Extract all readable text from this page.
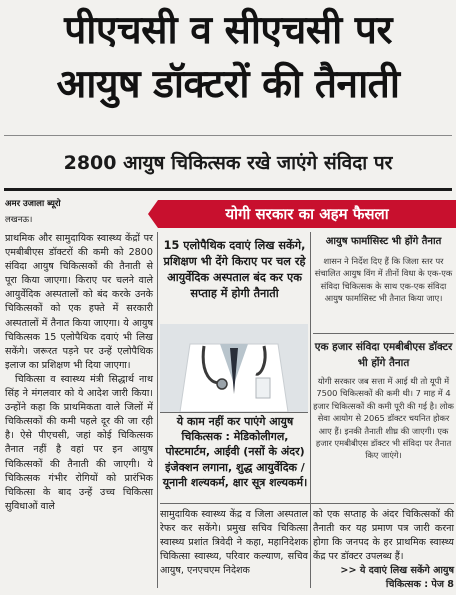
पीएचसी व सीएचसी पर
आयुष डॉक्टरों की तैनाती
2800 आयुष चिकित्सक रखे जाएंगे संविदा पर
अमर उजाला ब्यूरो
लखनऊ।	योगी सरकार का अहम फैसला

प्राथमिक और सामुदायिक स्वास्थ्य केंद्रों पर एमबीबीएस डॉक्टरों की कमी को 2800 संविदा आयुष चिकित्सकों की तैनाती से पूरा किया जाएगा। किराए पर चलने वाले आयुर्वेदिक अस्पतालों को बंद करके उनके चिकित्सकों को एक हफ्ते में सरकारी अस्पतालों में तैनात किया जाएगा। ये आयुष चिकित्सक 15 एलोपैथिक दवाएं भी लिख सकेंगे। जरूरत पड़ने पर उन्हें एलोपैथिक इलाज का प्रशिक्षण भी दिया जाएगा।

चिकित्सा व स्वास्थ्य मंत्री सिद्धार्थ नाथ सिंह ने मंगलवार को ये आदेश जारी किया। उन्होंने कहा कि प्राथमिकता वाले जिलों में चिकित्सकों की कमी पहले दूर की जा रही है। ऐसे पीएचसी, जहां कोई चिकित्सक तैनात नहीं है वहां पर इन आयुष चिकित्सकों की तैनाती की जाएगी। ये चिकित्सक गंभीर रोगियों को प्रारंभिक चिकित्सा के बाद उन्हें उच्च चिकित्सा सुविधाओं वाले

15 एलोपैथिक दवाएं लिख सकेंगे, प्रशिक्षण भी देंगे किराए पर चल रहे आयुर्वेदिक अस्पताल बंद कर एक सप्ताह में होगी तैनाती
ये काम नहीं कर पाएंगे आयुष चिकित्सक : मेडिकोलीगल, पोस्टमार्टम, आईवी (नसों के अंदर) इंजेक्शन लगाना, शुद्ध आयुर्वेदिक /यूनानी शल्यकर्म, क्षार सूत्र शल्यकर्म।
आयुष फार्मासिस्ट भी होंगे तैनात
शासन ने निर्देश दिए हैं कि जिला स्तर पर संचालित आयुष विंग में तीनों विधा के एक-एक संविदा चिकित्सक के साथ एक-एक संविदा आयुष फार्मासिस्ट भी तैनात किया जाए।
एक हजार संविदा एमबीबीएस डॉक्टर भी होंगे तैनात
योगी सरकार जब सत्ता में आई थी तो यूपी में 7500 चिकित्सकों की कमी थी। 7 माह में 4 हजार चिकित्सकों की कमी पूरी की गई है। लोक सेवा आयोग से 2065 डॉक्टर चयनित होकर आए हैं। इनकी तैनाती शीघ्र की जाएगी। एक हजार एमबीबीएस डॉक्टर भी संविदा पर तैनात किए जाएंगे।
सामुदायिक स्वास्थ्य केंद्र व जिला अस्पताल रेफर कर सकेंगे। प्रमुख सचिव चिकित्सा स्वास्थ्य प्रशांत त्रिवेदी ने कहा, महानिदेशक चिकित्सा स्वास्थ्य, परिवार कल्याण, सचिव आयुष, एनएचएम निदेशक
को एक सप्ताह के अंदर चिकित्सकों की तैनाती कर यह प्रमाण पत्र जारी करना होगा कि जनपद के हर प्राथमिक स्वास्थ्य केंद्र पर डॉक्टर उपलब्ध हैं।
>> ये दवाएं लिख सकेंगे आयुष चिकित्सक : पेज 8
